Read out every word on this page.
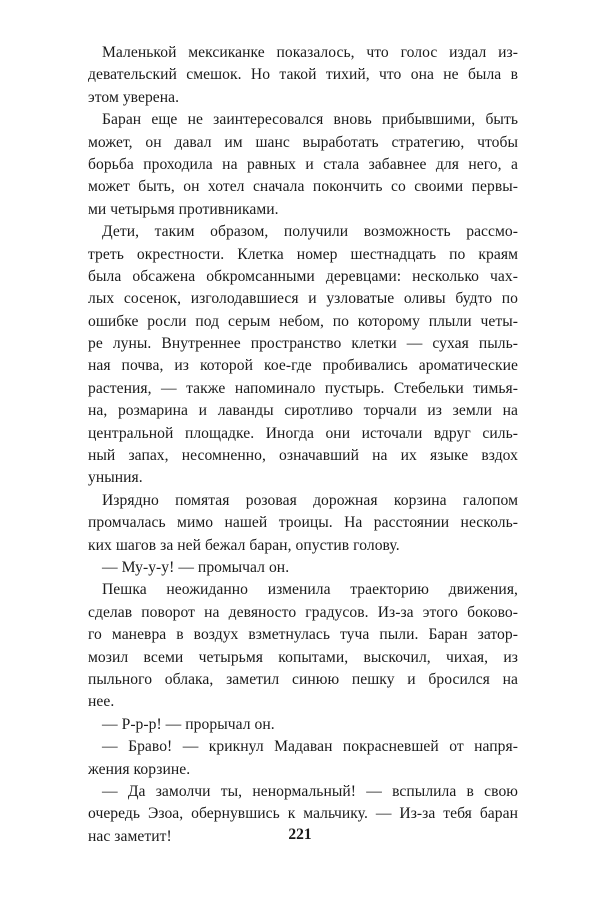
Маленькой мексиканке показалось, что голос издал из-
девательский смешок. Но такой тихий, что она не была в
этом уверена.
Баран еще не заинтересовался вновь прибывшими, быть
может, он давал им шанс выработать стратегию, чтобы
борьба проходила на равных и стала забавнее для него, а
может быть, он хотел сначала покончить со своими первы-
ми четырьмя противниками.
Дети, таким образом, получили возможность рассмо-
треть окрестности. Клетка номер шестнадцать по краям
была обсажена обкромсанными деревцами: несколько чах-
лых сосенок, изголодавшиеся и узловатые оливы будто по
ошибке росли под серым небом, по которому плыли четы-
ре луны. Внутреннее пространство клетки — сухая пыль-
ная почва, из которой кое-где пробивались ароматические
растения, — также напоминало пустырь. Стебельки тимья-
на, розмарина и лаванды сиротливо торчали из земли на
центральной площадке. Иногда они источали вдруг силь-
ный запах, несомненно, означавший на их языке вздох
уныния.
Изрядно помятая розовая дорожная корзина галопом
промчалась мимо нашей троицы. На расстоянии несколь-
ких шагов за ней бежал баран, опустив голову.
— Му-у-у! — промычал он.
Пешка неожиданно изменила траекторию движения,
сделав поворот на девяносто градусов. Из-за этого боково-
го маневра в воздух взметнулась туча пыли. Баран затор-
мозил всеми четырьмя копытами, выскочил, чихая, из
пыльного облака, заметил синюю пешку и бросился на
нее.
— Р-р-р! — прорычал он.
— Браво! — крикнул Мадаван покрасневшей от напря-
жения корзине.
— Да замолчи ты, ненормальный! — вспылила в свою
очередь Эзоа, обернувшись к мальчику. — Из-за тебя баран
нас заметит!	221
